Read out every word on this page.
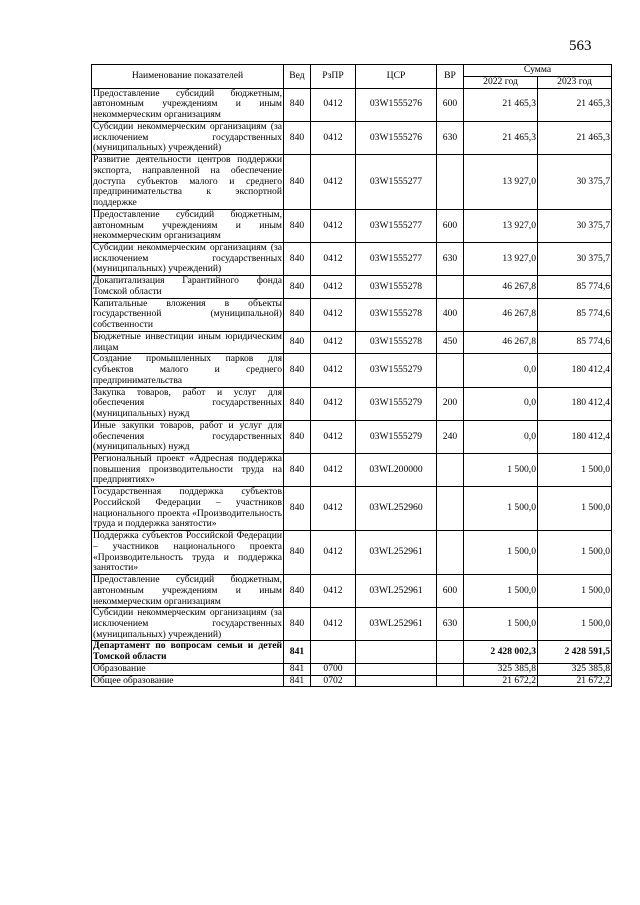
563
Наименование показателей	Вед	РзПР	ЦСР	ВР	Сумма	
					2022 год	2023 год
Предоставление субсидий бюджетным, автономным учреждениям и иным некоммерческим организациям	840	0412	03W1555276	600	21 465,3	21 465,3
Субсидии некоммерческим организациям (за исключением государственных (муниципальных) учреждений)	840	0412	03W1555276	630	21 465,3	21 465,3
Развитие деятельности центров поддержки экспорта, направленной на обеспечение доступа субъектов малого и среднего предпринимательства к экспортной поддержке	840	0412	03W1555277		13 927,0	30 375,7
Предоставление субсидий бюджетным, автономным учреждениям и иным некоммерческим организациям	840	0412	03W1555277	600	13 927,0	30 375,7
Субсидии некоммерческим организациям (за исключением государственных (муниципальных) учреждений)	840	0412	03W1555277	630	13 927,0	30 375,7
Докапитализация Гарантийного фонда Томской области	840	0412	03W1555278		46 267,8	85 774,6
Капитальные вложения в объекты государственной (муниципальной) собственности	840	0412	03W1555278	400	46 267,8	85 774,6
Бюджетные инвестиции иным юридическим лицам	840	0412	03W1555278	450	46 267,8	85 774,6
Создание промышленных парков для субъектов малого и среднего предпринимательства	840	0412	03W1555279		0,0	180 412,4
Закупка товаров, работ и услуг для обеспечения государственных (муниципальных) нужд	840	0412	03W1555279	200	0,0	180 412,4
Иные закупки товаров, работ и услуг для обеспечения государственных (муниципальных) нужд	840	0412	03W1555279	240	0,0	180 412,4
Региональный проект «Адресная поддержка повышения производительности труда на предприятиях»	840	0412	03WL200000		1 500,0	1 500,0
Государственная поддержка субъектов Российской Федерации – участников национального проекта «Производительность труда и поддержка занятости»	840	0412	03WL252960		1 500,0	1 500,0
Поддержка субъектов Российской Федерации – участников национального проекта «Производительность труда и поддержка занятости»	840	0412	03WL252961		1 500,0	1 500,0
Предоставление субсидий бюджетным, автономным учреждениям и иным некоммерческим организациям	840	0412	03WL252961	600	1 500,0	1 500,0
Субсидии некоммерческим организациям (за исключением государственных (муниципальных) учреждений)	840	0412	03WL252961	630	1 500,0	1 500,0
Департамент по вопросам семьи и детей Томской области	841				2 428 002,3	2 428 591,5
Образование	841	0700			325 385,8	325 385,8
Общее образование	841	0702			21 672,2	21 672,2
